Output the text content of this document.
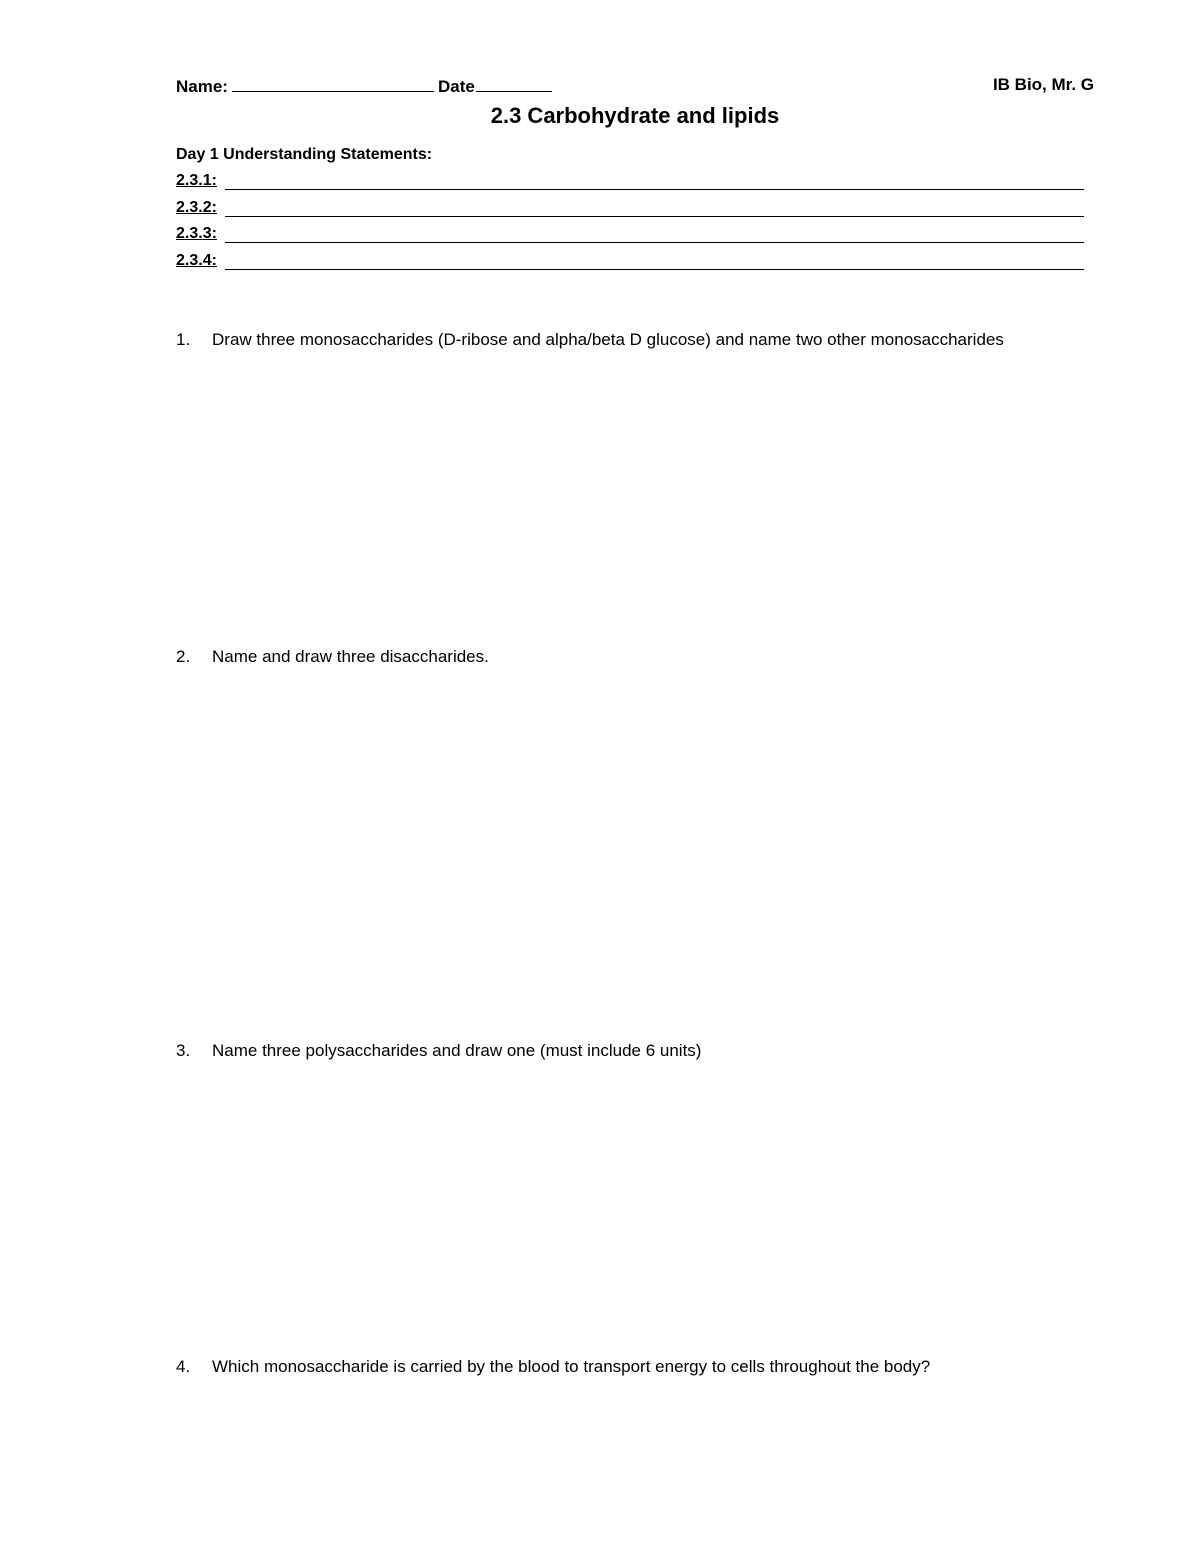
Name:	Date	IB Bio, Mr. G
2.3 Carbohydrate and lipids
Day 1 Understanding Statements:
2.3.1:
2.3.2:
2.3.3:
2.3.4:
1. Draw three monosaccharides (D-ribose and alpha/beta D glucose) and name two other monosaccharides
2. Name and draw three disaccharides.
3. Name three polysaccharides and draw one (must include 6 units)
4. Which monosaccharide is carried by the blood to transport energy to cells throughout the body?
